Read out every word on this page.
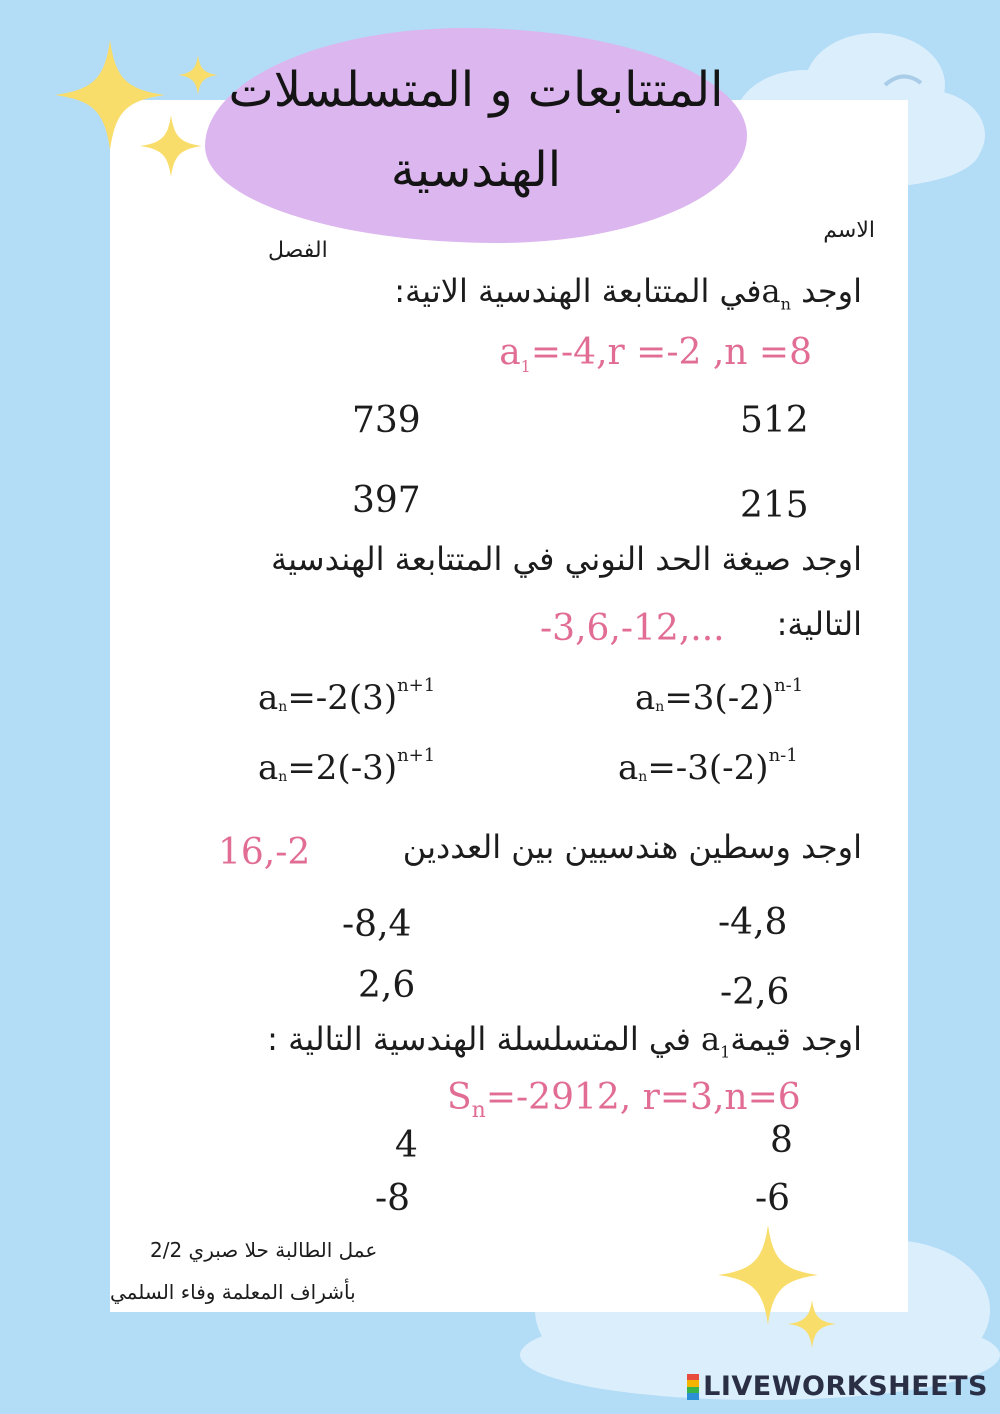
المتتابعات و المتسلسلات
الهندسية
الاسم
الفصل
اوجد $a_nفي$ المتتابعة الهندسية الاتية:
$a_1=-4,r =-2$ ,n =8
512
739
215
397
اوجد صيغة الحد النوني في المتتابعة الهندسية
التالية:
-3,6,-12,...
$an=3(-2)^{n-1}$
$an=-2(3)^{n+1}$
$an=-3(-2)^{n-1}$
$an=2(-3)^{n+1}$
اوجد وسطين هندسيين بين العددين
16,-2
-4,8
-8,4
-2,6
2,6
اوجد قيمةa$_1$ في المتسلسلة الهندسية التالية :
$S_n=-2912$, r=3,n=6
8
4
-6
-8
عمل الطالبة حلا صبري 2/2
بأشراف المعلمة وفاء السلمي
LIVEWORKSHEETS
